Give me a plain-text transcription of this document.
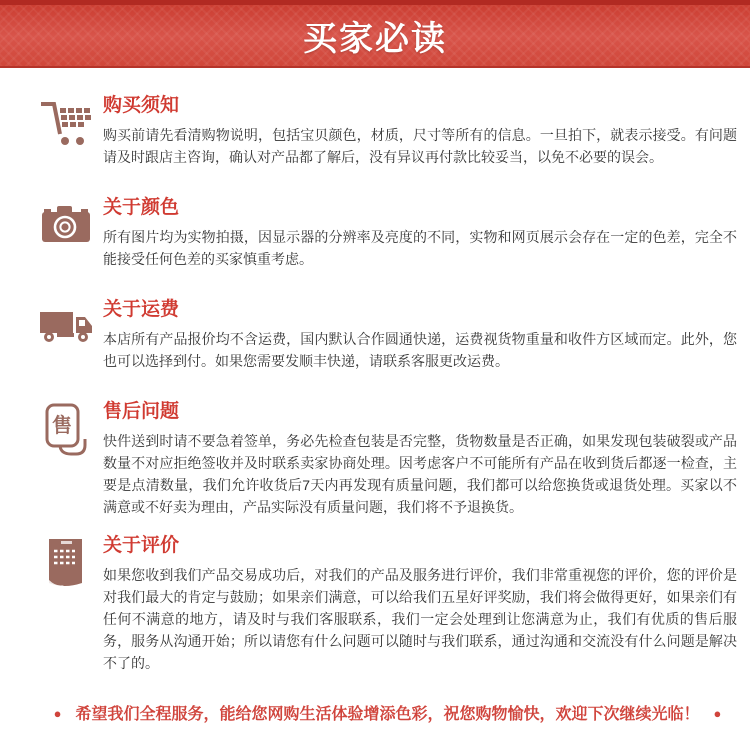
买家必读
购买须知

购买前请先看清购物说明，包括宝贝颜色，材质，尺寸等所有的信息。一旦拍下，就表示接受。有问题请及时跟店主咨询，确认对产品都了解后，没有异议再付款比较妥当，以免不必要的误会。

关于颜色

所有图片均为实物拍摄，因显示器的分辨率及亮度的不同，实物和网页展示会存在一定的色差，完全不能接受任何色差的买家慎重考虑。

关于运费

本店所有产品报价均不含运费，国内默认合作圆通快递，运费视货物重量和收件方区域而定。此外，您也可以选择到付。如果您需要发顺丰快递，请联系客服更改运费。

售
售后问题

快件送到时请不要急着签单，务必先检查包装是否完整，货物数量是否正确，如果发现包装破裂或产品数量不对应拒绝签收并及时联系卖家协商处理。因考虑客户不可能所有产品在收到货后都逐一检查，主要是点清数量，我们允许收货后7天内再发现有质量问题，我们都可以给您换货或退货处理。买家以不满意或不好卖为理由，产品实际没有质量问题，我们将不予退换货。

关于评价

如果您收到我们产品交易成功后，对我们的产品及服务进行评价，我们非常重视您的评价，您的评价是对我们最大的肯定与鼓励；如果亲们满意，可以给我们五星好评奖励，我们将会做得更好，如果亲们有任何不满意的地方，请及时与我们客服联系，我们一定会处理到让您满意为止，我们有优质的售后服务，服务从沟通开始；所以请您有什么问题可以随时与我们联系，通过沟通和交流没有什么问题是解决不了的。

● 希望我们全程服务，能给您网购生活体验增添色彩，祝您购物愉快，欢迎下次继续光临！ ●
